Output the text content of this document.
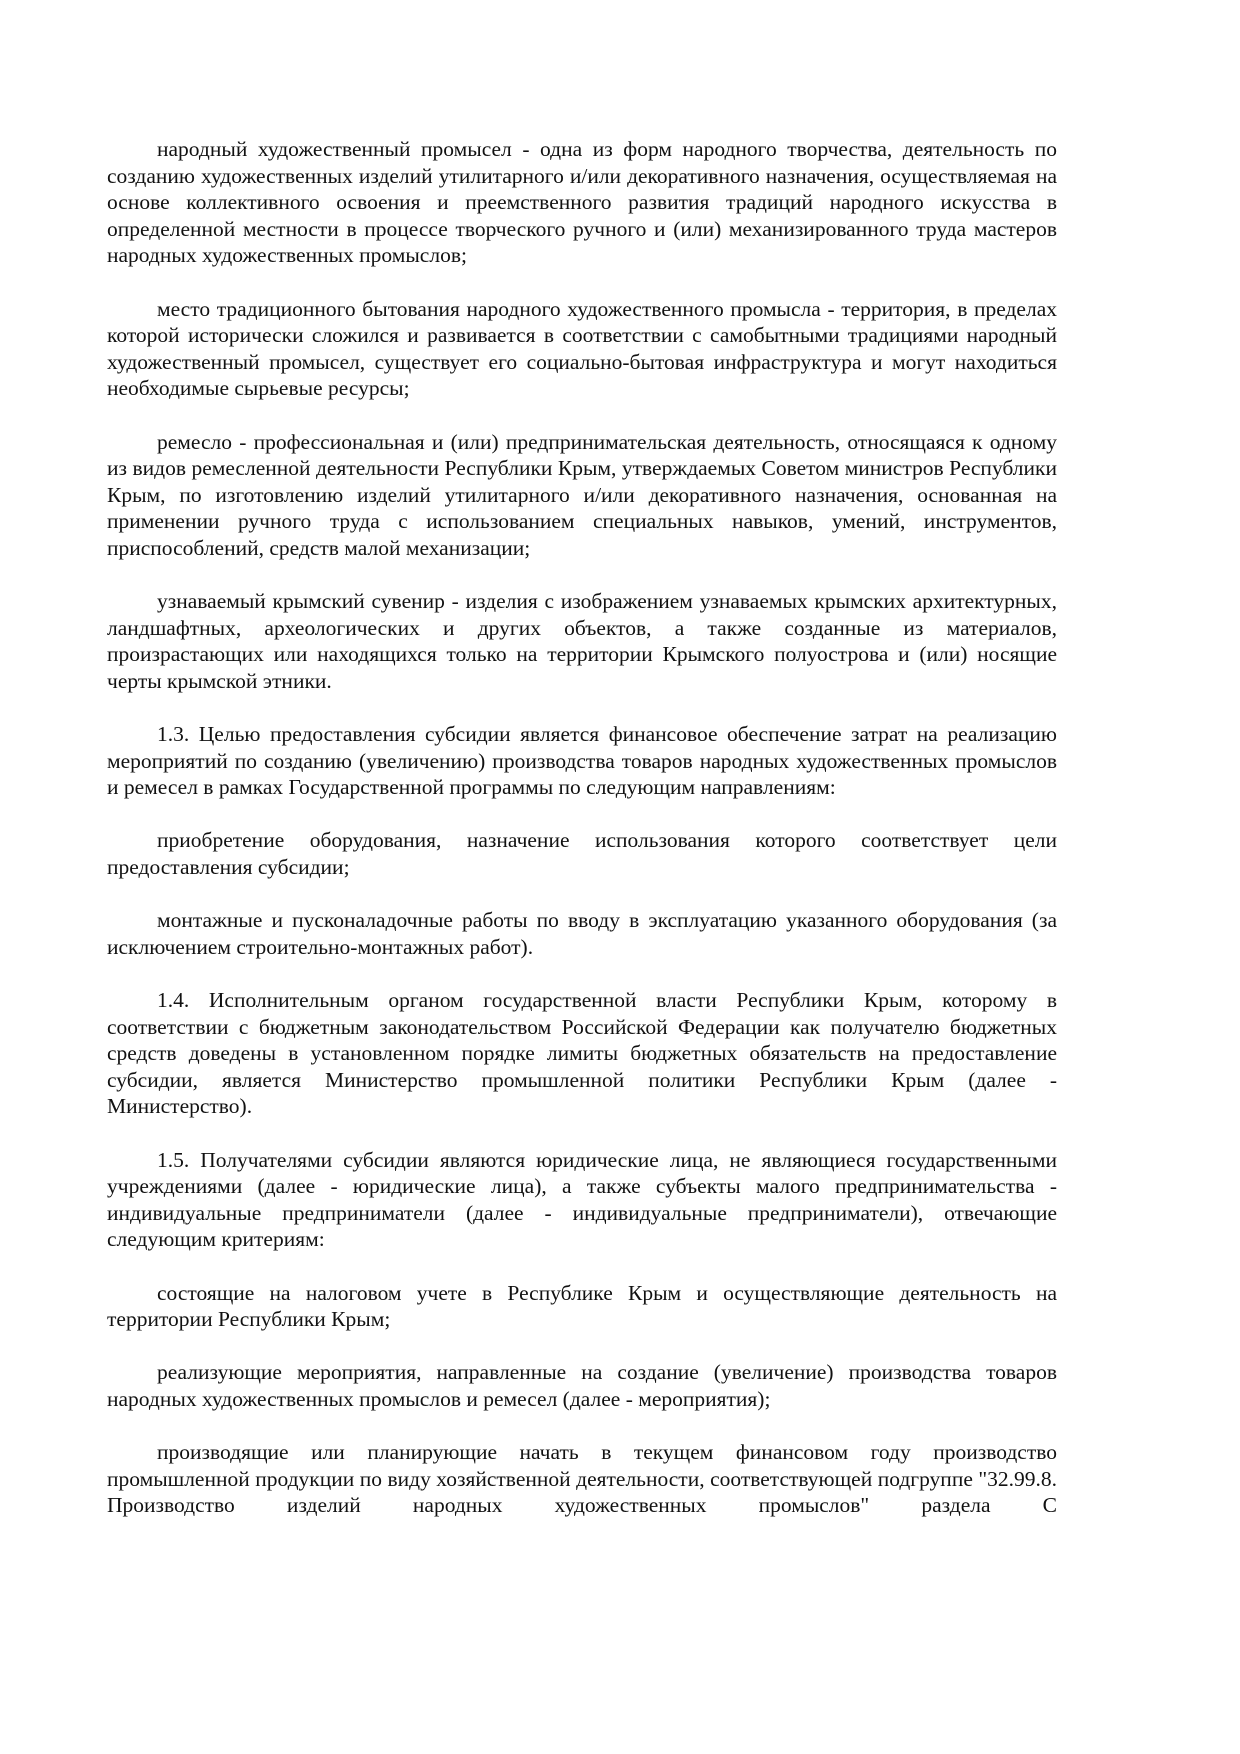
народный художественный промысел - одна из форм народного творчества, деятельность по созданию художественных изделий утилитарного и/или декоративного назначения, осуществляемая на основе коллективного освоения и преемственного развития традиций народного искусства в определенной местности в процессе творческого ручного и (или) механизированного труда мастеров народных художественных промыслов;

место традиционного бытования народного художественного промысла - территория, в пределах которой исторически сложился и развивается в соответствии с самобытными традициями народный художественный промысел, существует его социально-бытовая инфраструктура и могут находиться необходимые сырьевые ресурсы;

ремесло - профессиональная и (или) предпринимательская деятельность, относящаяся к одному из видов ремесленной деятельности Республики Крым, утверждаемых Советом министров Республики Крым, по изготовлению изделий утилитарного и/или декоративного назначения, основанная на применении ручного труда с использованием специальных навыков, умений, инструментов, приспособлений, средств малой механизации;

узнаваемый крымский сувенир - изделия с изображением узнаваемых крымских архитектурных, ландшафтных, археологических и других объектов, а также созданные из материалов, произрастающих или находящихся только на территории Крымского полуострова и (или) носящие черты крымской этники.

1.3. Целью предоставления субсидии является финансовое обеспечение затрат на реализацию мероприятий по созданию (увеличению) производства товаров народных художественных промыслов и ремесел в рамках Государственной программы по следующим направлениям:

приобретение оборудования, назначение использования которого соответствует цели предоставления субсидии;

монтажные и пусконаладочные работы по вводу в эксплуатацию указанного оборудования (за исключением строительно-монтажных работ).

1.4. Исполнительным органом государственной власти Республики Крым, которому в соответствии с бюджетным законодательством Российской Федерации как получателю бюджетных средств доведены в установленном порядке лимиты бюджетных обязательств на предоставление субсидии, является Министерство промышленной политики Республики Крым (далее - Министерство).

1.5. Получателями субсидии являются юридические лица, не являющиеся государственными учреждениями (далее - юридические лица), а также субъекты малого предпринимательства - индивидуальные предприниматели (далее - индивидуальные предприниматели), отвечающие следующим критериям:

состоящие на налоговом учете в Республике Крым и осуществляющие деятельность на территории Республики Крым;

реализующие мероприятия, направленные на создание (увеличение) производства товаров народных художественных промыслов и ремесел (далее - мероприятия);

производящие или планирующие начать в текущем финансовом году производство промышленной продукции по виду хозяйственной деятельности, соответствующей подгруппе "32.99.8. Производство изделий народных художественных промыслов" раздела С
